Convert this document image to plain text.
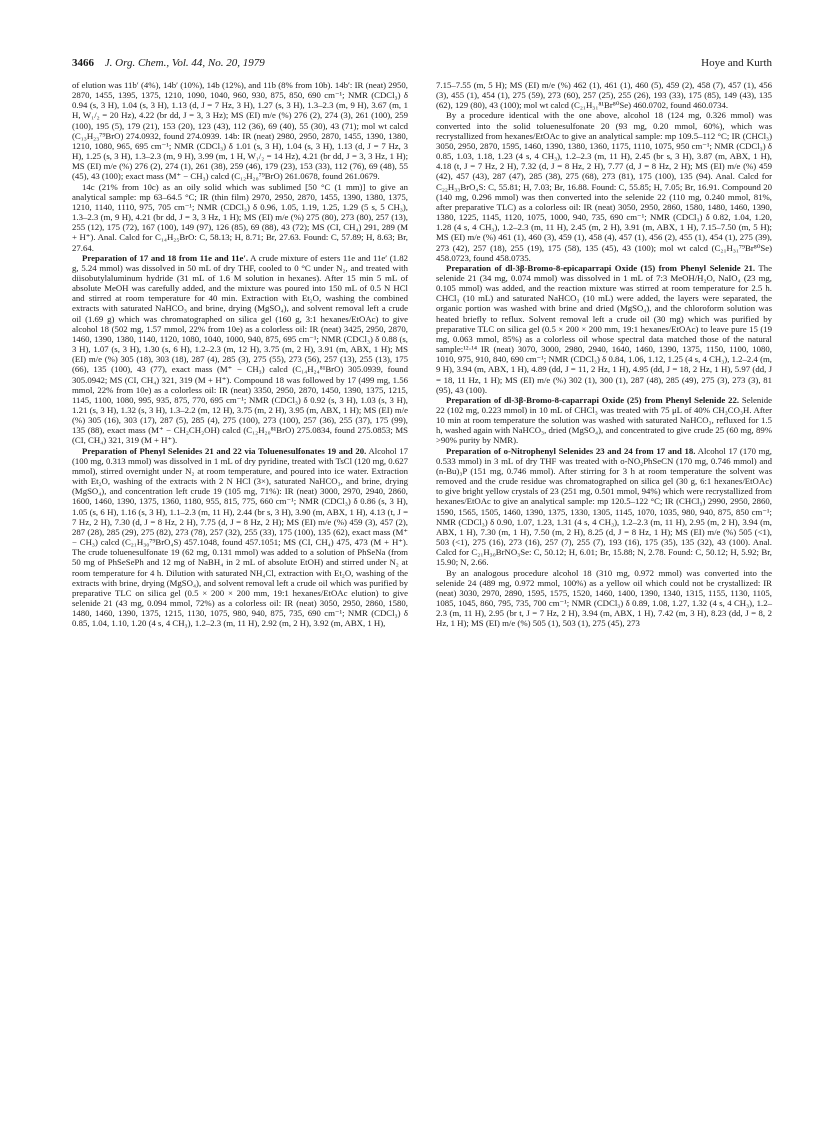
3466 J. Org. Chem., Vol. 44, No. 20, 1979	Hoye and Kurth

of elution was 11b′ (4%), 14b′ (10%), 14b (12%), and 11b (8% from 10b). 14b′: IR (neat) 2950, 2870, 1455, 1395, 1375, 1210, 1090, 1040, 960, 930, 875, 850, 690 cm⁻¹; NMR (CDCl₃) δ 0.94 (s, 3 H), 1.04 (s, 3 H), 1.13 (d, J = 7 Hz, 3 H), 1.27 (s, 3 H), 1.3–2.3 (m, 9 H), 3.67 (m, 1 H, W₁/₂ = 20 Hz), 4.22 (br dd, J = 3, 3 Hz); MS (EI) m/e (%) 276 (2), 274 (3), 261 (100), 259 (100), 195 (5), 179 (21), 153 (20), 123 (43), 112 (36), 69 (40), 55 (30), 43 (71); mol wt calcd (C₁₃H₂₃⁷⁹BrO) 274.0932, found 274.0939. 14b: IR (neat) 2980, 2950, 2870, 1455, 1390, 1380, 1210, 1080, 965, 695 cm⁻¹; NMR (CDCl₃) δ 1.01 (s, 3 H), 1.04 (s, 3 H), 1.13 (d, J = 7 Hz, 3 H), 1.25 (s, 3 H), 1.3–2.3 (m, 9 H), 3.99 (m, 1 H, W₁/₂ = 14 Hz), 4.21 (br dd, J = 3, 3 Hz, 1 H); MS (EI) m/e (%) 276 (2), 274 (1), 261 (38), 259 (46), 179 (23), 153 (33), 112 (76), 69 (48), 55 (45), 43 (100); exact mass (M⁺ − CH₃) calcd (C₁₂H₂₀⁷⁹BrO) 261.0678, found 261.0679.

14c (21% from 10c) as an oily solid which was sublimed [50 °C (1 mm)] to give an analytical sample: mp 63–64.5 °C; IR (thin film) 2970, 2950, 2870, 1455, 1390, 1380, 1375, 1210, 1140, 1110, 975, 705 cm⁻¹; NMR (CDCl₃) δ 0.96, 1.05, 1.19, 1.25, 1.29 (5 s, 5 CH₃), 1.3–2.3 (m, 9 H), 4.21 (br dd, J = 3, 3 Hz, 1 H); MS (EI) m/e (%) 275 (80), 273 (80), 257 (13), 255 (12), 175 (72), 167 (100), 149 (97), 126 (85), 69 (88), 43 (72); MS (CI, CH₄) 291, 289 (M + H⁺). Anal. Calcd for C₁₄H₂₅BrO: C, 58.13; H, 8.71; Br, 27.63. Found: C, 57.89; H, 8.63; Br, 27.64.

Preparation of 17 and 18 from 11e and 11e′. A crude mixture of esters 11e and 11e′ (1.82 g, 5.24 mmol) was dissolved in 50 mL of dry THF, cooled to 0 °C under N₂, and treated with diisobutylaluminum hydride (31 mL of 1.6 M solution in hexanes). After 15 min 5 mL of absolute MeOH was carefully added, and the mixture was poured into 150 mL of 0.5 N HCl and stirred at room temperature for 40 min. Extraction with Et₂O, washing the combined extracts with saturated NaHCO₃ and brine, drying (MgSO₄), and solvent removal left a crude oil (1.69 g) which was chromatographed on silica gel (160 g, 3:1 hexanes/EtOAc) to give alcohol 18 (502 mg, 1.57 mmol, 22% from 10e) as a colorless oil: IR (neat) 3425, 2950, 2870, 1460, 1390, 1380, 1140, 1120, 1080, 1040, 1000, 940, 875, 695 cm⁻¹; NMR (CDCl₃) δ 0.88 (s, 3 H), 1.07 (s, 3 H), 1.30 (s, 6 H), 1.2–2.3 (m, 12 H), 3.75 (m, 2 H), 3.91 (m, ABX, 1 H); MS (EI) m/e (%) 305 (18), 303 (18), 287 (4), 285 (3), 275 (55), 273 (56), 257 (13), 255 (13), 175 (66), 135 (100), 43 (77), exact mass (M⁺ − CH₃) calcd (C₁₄H₂₄⁸¹BrO) 305.0939, found 305.0942; MS (CI, CH₄) 321, 319 (M + H⁺). Compound 18 was followed by 17 (499 mg, 1.56 mmol, 22% from 10e) as a colorless oil: IR (neat) 3350, 2950, 2870, 1450, 1390, 1375, 1215, 1145, 1100, 1080, 995, 935, 875, 770, 695 cm⁻¹; NMR (CDCl₃) δ 0.92 (s, 3 H), 1.03 (s, 3 H), 1.21 (s, 3 H), 1.32 (s, 3 H), 1.3–2.2 (m, 12 H), 3.75 (m, 2 H), 3.95 (m, ABX, 1 H); MS (EI) m/e (%) 305 (16), 303 (17), 287 (5), 285 (4), 275 (100), 273 (100), 257 (36), 255 (37), 175 (99), 135 (88), exact mass (M⁺ − CH₂CH₂OH) calcd (C₁₂H₂₀⁸¹BrO) 275.0834, found 275.0853; MS (CI, CH₄) 321, 319 (M + H⁺).

Preparation of Phenyl Selenides 21 and 22 via Toluenesulfonates 19 and 20. Alcohol 17 (100 mg, 0.313 mmol) was dissolved in 1 mL of dry pyridine, treated with TsCl (120 mg, 0.627 mmol), stirred overnight under N₂ at room temperature, and poured into ice water. Extraction with Et₂O, washing of the extracts with 2 N HCl (3×), saturated NaHCO₃, and brine, drying (MgSO₄), and concentration left crude 19 (105 mg, 71%): IR (neat) 3000, 2970, 2940, 2860, 1600, 1460, 1390, 1375, 1360, 1180, 955, 815, 775, 660 cm⁻¹; NMR (CDCl₃) δ 0.86 (s, 3 H), 1.05 (s, 6 H), 1.16 (s, 3 H), 1.1–2.3 (m, 11 H), 2.44 (br s, 3 H), 3.90 (m, ABX, 1 H), 4.13 (t, J = 7 Hz, 2 H), 7.30 (d, J = 8 Hz, 2 H), 7.75 (d, J = 8 Hz, 2 H); MS (EI) m/e (%) 459 (3), 457 (2), 287 (28), 285 (29), 275 (82), 273 (78), 257 (32), 255 (33), 175 (100), 135 (62), exact mass (M⁺ − CH₃) calcd (C₂₁H₃₀⁷⁹BrO₄S) 457.1048, found 457.1051; MS (CI, CH₄) 475, 473 (M + H⁺). The crude toluenesulfonate 19 (62 mg, 0.131 mmol) was added to a solution of PhSeNa (from 50 mg of PhSeSePh and 12 mg of NaBH₄ in 2 mL of absolute EtOH) and stirred under N₂ at room temperature for 4 h. Dilution with saturated NH₄Cl, extraction with Et₂O, washing of the extracts with brine, drying (MgSO₄), and solvent removal left a crude oil which was purified by preparative TLC on silica gel (0.5 × 200 × 200 mm, 19:1 hexanes/EtOAc elution) to give selenide 21 (43 mg, 0.094 mmol, 72%) as a colorless oil: IR (neat) 3050, 2950, 2860, 1580, 1480, 1460, 1390, 1375, 1215, 1130, 1075, 980, 940, 875, 735, 690 cm⁻¹; NMR (CDCl₃) δ 0.85, 1.04, 1.10, 1.20 (4 s, 4 CH₃), 1.2–2.3 (m, 11 H), 2.92 (m, 2 H), 3.92 (m, ABX, 1 H),

7.15–7.55 (m, 5 H); MS (EI) m/e (%) 462 (1), 461 (1), 460 (5), 459 (2), 458 (7), 457 (1), 456 (3), 455 (1), 454 (1), 275 (59), 273 (60), 257 (25), 255 (26), 193 (33), 175 (85), 149 (43), 135 (62), 129 (80), 43 (100); mol wt calcd (C₂₁H₃₁⁸¹Br⁸⁰Se) 460.0702, found 460.0734.

By a procedure identical with the one above, alcohol 18 (124 mg, 0.326 mmol) was converted into the solid toluenesulfonate 20 (93 mg, 0.20 mmol, 60%), which was recrystallized from hexanes/EtOAc to give an analytical sample: mp 109.5–112 °C; IR (CHCl₃) 3050, 2950, 2870, 1595, 1460, 1390, 1380, 1360, 1175, 1110, 1075, 950 cm⁻¹; NMR (CDCl₃) δ 0.85, 1.03, 1.18, 1.23 (4 s, 4 CH₃), 1.2–2.3 (m, 11 H), 2.45 (br s, 3 H), 3.87 (m, ABX, 1 H), 4.18 (t, J = 7 Hz, 2 H), 7.32 (d, J = 8 Hz, 2 H), 7.77 (d, J = 8 Hz, 2 H); MS (EI) m/e (%) 459 (42), 457 (43), 287 (47), 285 (38), 275 (68), 273 (81), 175 (100), 135 (94). Anal. Calcd for C₂₂H₃₃BrO₄S: C, 55.81; H, 7.03; Br, 16.88. Found: C, 55.85; H, 7.05; Br, 16.91. Compound 20 (140 mg, 0.296 mmol) was then converted into the selenide 22 (110 mg, 0.240 mmol, 81%, after preparative TLC) as a colorless oil: IR (neat) 3050, 2950, 2860, 1580, 1480, 1460, 1390, 1380, 1225, 1145, 1120, 1075, 1000, 940, 735, 690 cm⁻¹; NMR (CDCl₃) δ 0.82, 1.04, 1.20, 1.28 (4 s, 4 CH₃), 1.2–2.3 (m, 11 H), 2.45 (m, 2 H), 3.91 (m, ABX, 1 H), 7.15–7.50 (m, 5 H); MS (EI) m/e (%) 461 (1), 460 (3), 459 (1), 458 (4), 457 (1), 456 (2), 455 (1), 454 (1), 275 (39), 273 (42), 257 (18), 255 (19), 175 (58), 135 (45), 43 (100); mol wt calcd (C₂₁H₃₁⁷⁹Br⁸⁰Se) 458.0723, found 458.0735.

Preparation of dl-3β-Bromo-8-epicaparrapi Oxide (15) from Phenyl Selenide 21. The selenide 21 (34 mg, 0.074 mmol) was dissolved in 1 mL of 7:3 MeOH/H₂O, NaIO₄ (23 mg, 0.105 mmol) was added, and the reaction mixture was stirred at room temperature for 2.5 h. CHCl₃ (10 mL) and saturated NaHCO₃ (10 mL) were added, the layers were separated, the organic portion was washed with brine and dried (MgSO₄), and the chloroform solution was heated briefly to reflux. Solvent removal left a crude oil (30 mg) which was purified by preparative TLC on silica gel (0.5 × 200 × 200 mm, 19:1 hexanes/EtOAc) to leave pure 15 (19 mg, 0.063 mmol, 85%) as a colorless oil whose spectral data matched those of the natural sample:¹²·¹⁴ IR (neat) 3070, 3000, 2980, 2940, 1640, 1460, 1390, 1375, 1150, 1100, 1080, 1010, 975, 910, 840, 690 cm⁻¹; NMR (CDCl₃) δ 0.84, 1.06, 1.12, 1.25 (4 s, 4 CH₃), 1.2–2.4 (m, 9 H), 3.94 (m, ABX, 1 H), 4.89 (dd, J = 11, 2 Hz, 1 H), 4.95 (dd, J = 18, 2 Hz, 1 H), 5.97 (dd, J = 18, 11 Hz, 1 H); MS (EI) m/e (%) 302 (1), 300 (1), 287 (48), 285 (49), 275 (3), 273 (3), 81 (95), 43 (100).

Preparation of dl-3β-Bromo-8-caparrapi Oxide (25) from Phenyl Selenide 22. Selenide 22 (102 mg, 0.223 mmol) in 10 mL of CHCl₃ was treated with 75 μL of 40% CH₃CO₃H. After 10 min at room temperature the solution was washed with saturated NaHCO₃, refluxed for 1.5 h, washed again with NaHCO₃, dried (MgSO₄), and concentrated to give crude 25 (60 mg, 89% >90% purity by NMR).

Preparation of o-Nitrophenyl Selenides 23 and 24 from 17 and 18. Alcohol 17 (170 mg, 0.533 mmol) in 3 mL of dry THF was treated with o-NO₂PhSeCN (170 mg, 0.746 mmol) and (n-Bu)₃P (151 mg, 0.746 mmol). After stirring for 3 h at room temperature the solvent was removed and the crude residue was chromatographed on silica gel (30 g, 6:1 hexanes/EtOAc) to give bright yellow crystals of 23 (251 mg, 0.501 mmol, 94%) which were recrystallized from hexanes/EtOAc to give an analytical sample: mp 120.5–122 °C; IR (CHCl₃) 2990, 2950, 2860, 1590, 1565, 1505, 1460, 1390, 1375, 1330, 1305, 1145, 1070, 1035, 980, 940, 875, 850 cm⁻¹; NMR (CDCl₃) δ 0.90, 1.07, 1.23, 1.31 (4 s, 4 CH₃), 1.2–2.3 (m, 11 H), 2.95 (m, 2 H), 3.94 (m, ABX, 1 H), 7.30 (m, 1 H), 7.50 (m, 2 H), 8.25 (d, J = 8 Hz, 1 H); MS (EI) m/e (%) 505 (<1), 503 (<1), 275 (16), 273 (16), 257 (7), 255 (7), 193 (16), 175 (35), 135 (32), 43 (100). Anal. Calcd for C₂₁H₃₀BrNO₃Se: C, 50.12; H, 6.01; Br, 15.88; N, 2.78. Found: C, 50.12; H, 5.92; Br, 15.90; N, 2.66.

By an analogous procedure alcohol 18 (310 mg, 0.972 mmol) was converted into the selenide 24 (489 mg, 0.972 mmol, 100%) as a yellow oil which could not be crystallized: IR (neat) 3030, 2970, 2890, 1595, 1575, 1520, 1460, 1400, 1390, 1340, 1315, 1155, 1130, 1105, 1085, 1045, 860, 795, 735, 700 cm⁻¹; NMR (CDCl₃) δ 0.89, 1.08, 1.27, 1.32 (4 s, 4 CH₃), 1.2–2.3 (m, 11 H), 2.95 (br t, J = 7 Hz, 2 H), 3.94 (m, ABX, 1 H), 7.42 (m, 3 H), 8.23 (dd, J = 8, 2 Hz, 1 H); MS (EI) m/e (%) 505 (1), 503 (1), 275 (45), 273
